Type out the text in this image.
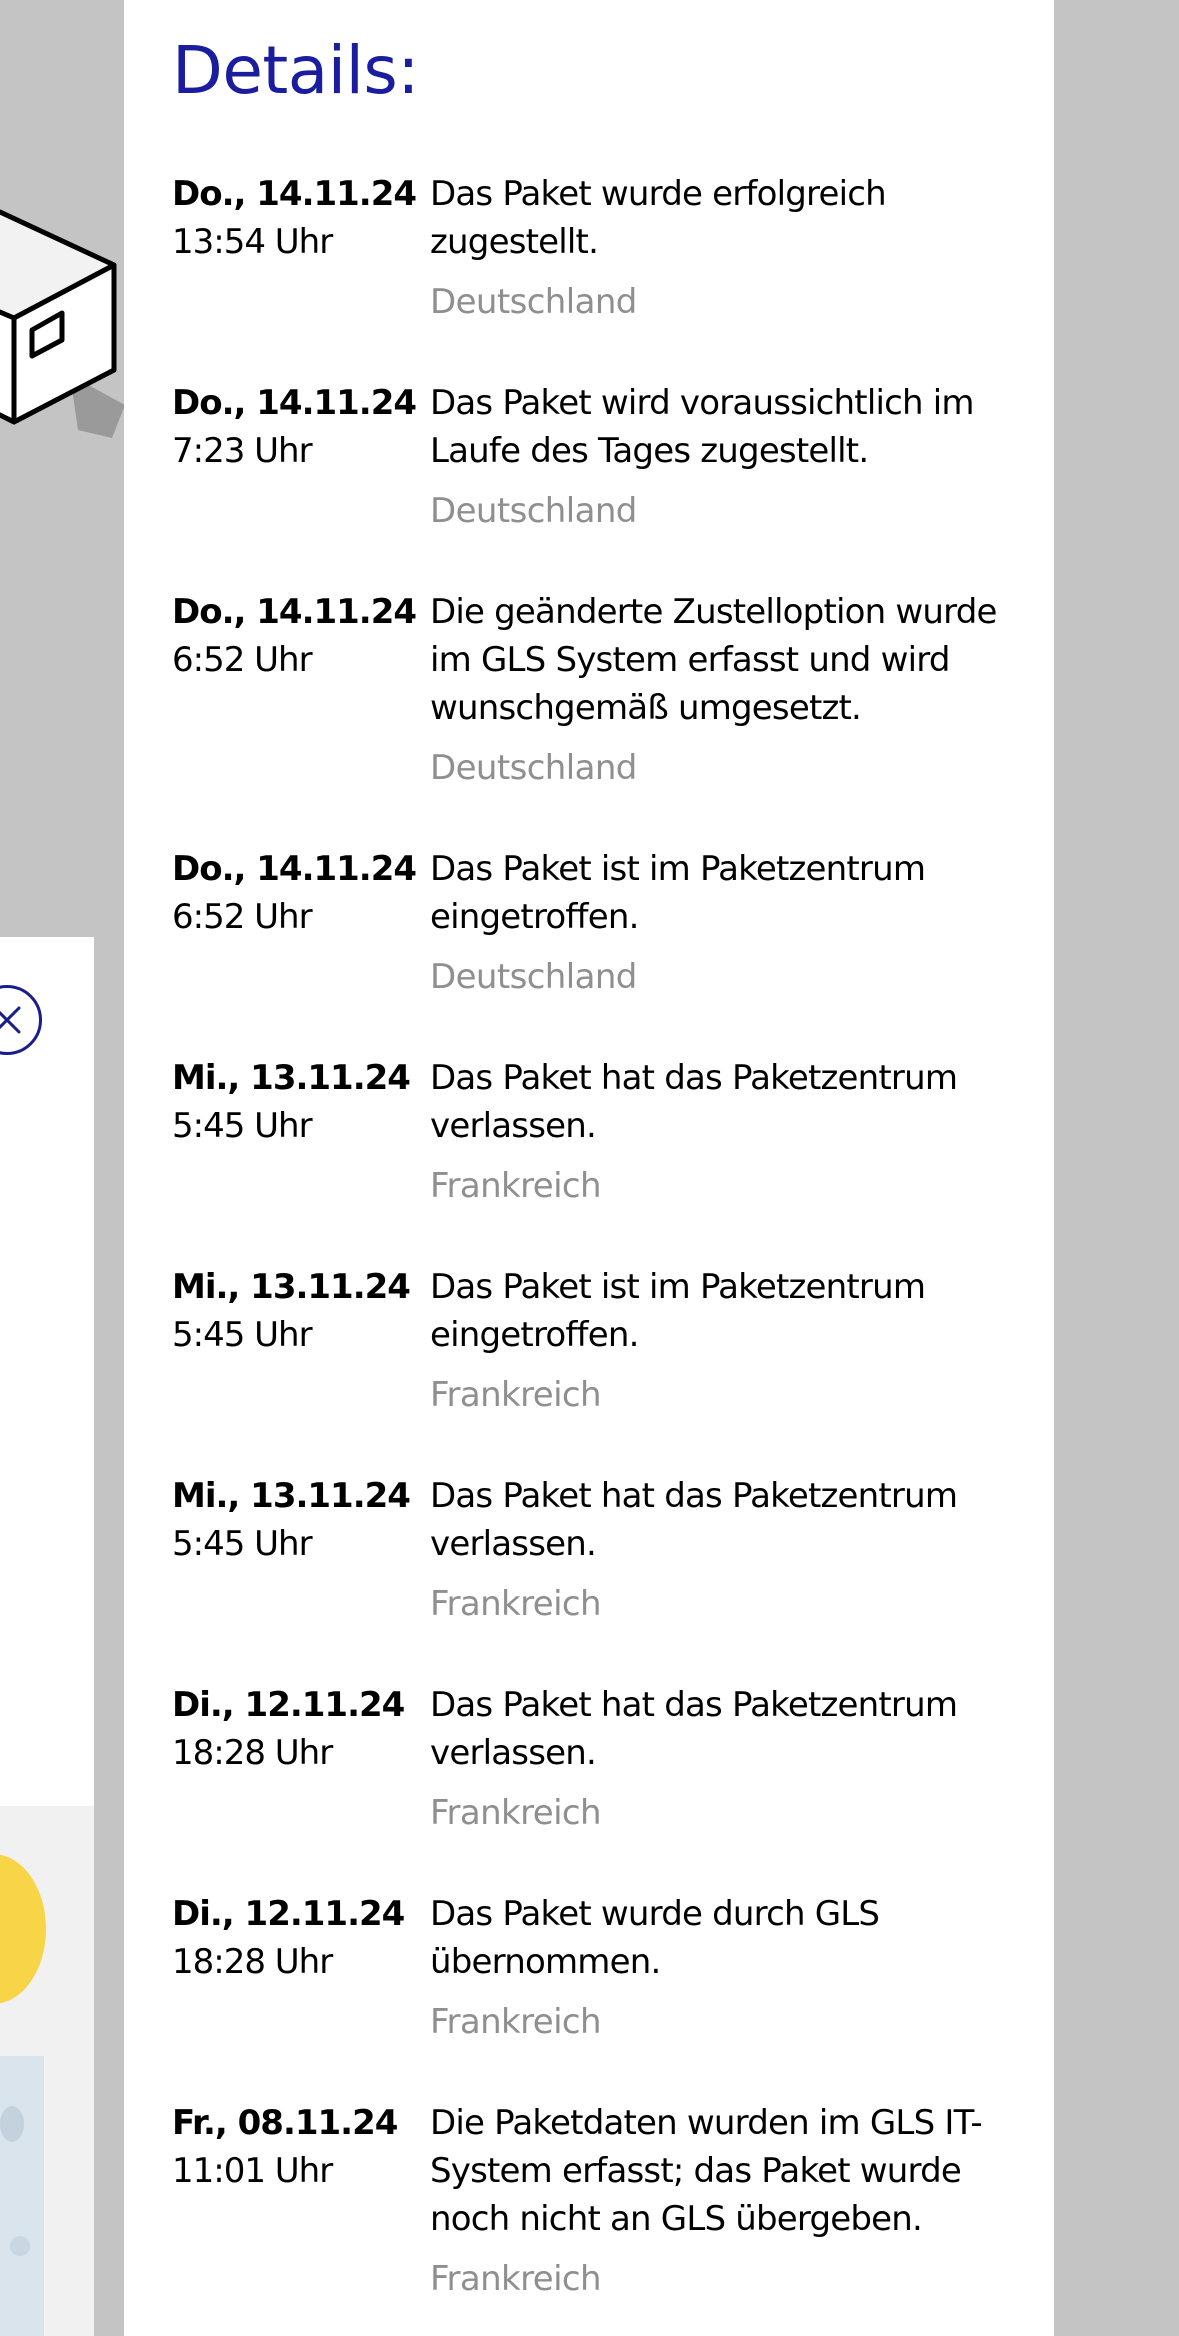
Details:
Do., 14.11.24
13:54 Uhr
Das Paket wurde erfolgreich zugestellt.
Deutschland
Do., 14.11.24
7:23 Uhr
Das Paket wird voraussichtlich im Laufe des Tages zugestellt.
Deutschland
Do., 14.11.24
6:52 Uhr
Die geänderte Zustelloption wurde im GLS System erfasst und wird wunschgemäß umgesetzt.
Deutschland
Do., 14.11.24
6:52 Uhr
Das Paket ist im Paketzentrum eingetroffen.
Deutschland
Mi., 13.11.24
5:45 Uhr
Das Paket hat das Paketzentrum verlassen.
Frankreich
Mi., 13.11.24
5:45 Uhr
Das Paket ist im Paketzentrum eingetroffen.
Frankreich
Mi., 13.11.24
5:45 Uhr
Das Paket hat das Paketzentrum verlassen.
Frankreich
Di., 12.11.24
18:28 Uhr
Das Paket hat das Paketzentrum verlassen.
Frankreich
Di., 12.11.24
18:28 Uhr
Das Paket wurde durch GLS übernommen.
Frankreich
Fr., 08.11.24
11:01 Uhr
Die Paketdaten wurden im GLS IT-System erfasst; das Paket wurde noch nicht an GLS übergeben.
Frankreich
